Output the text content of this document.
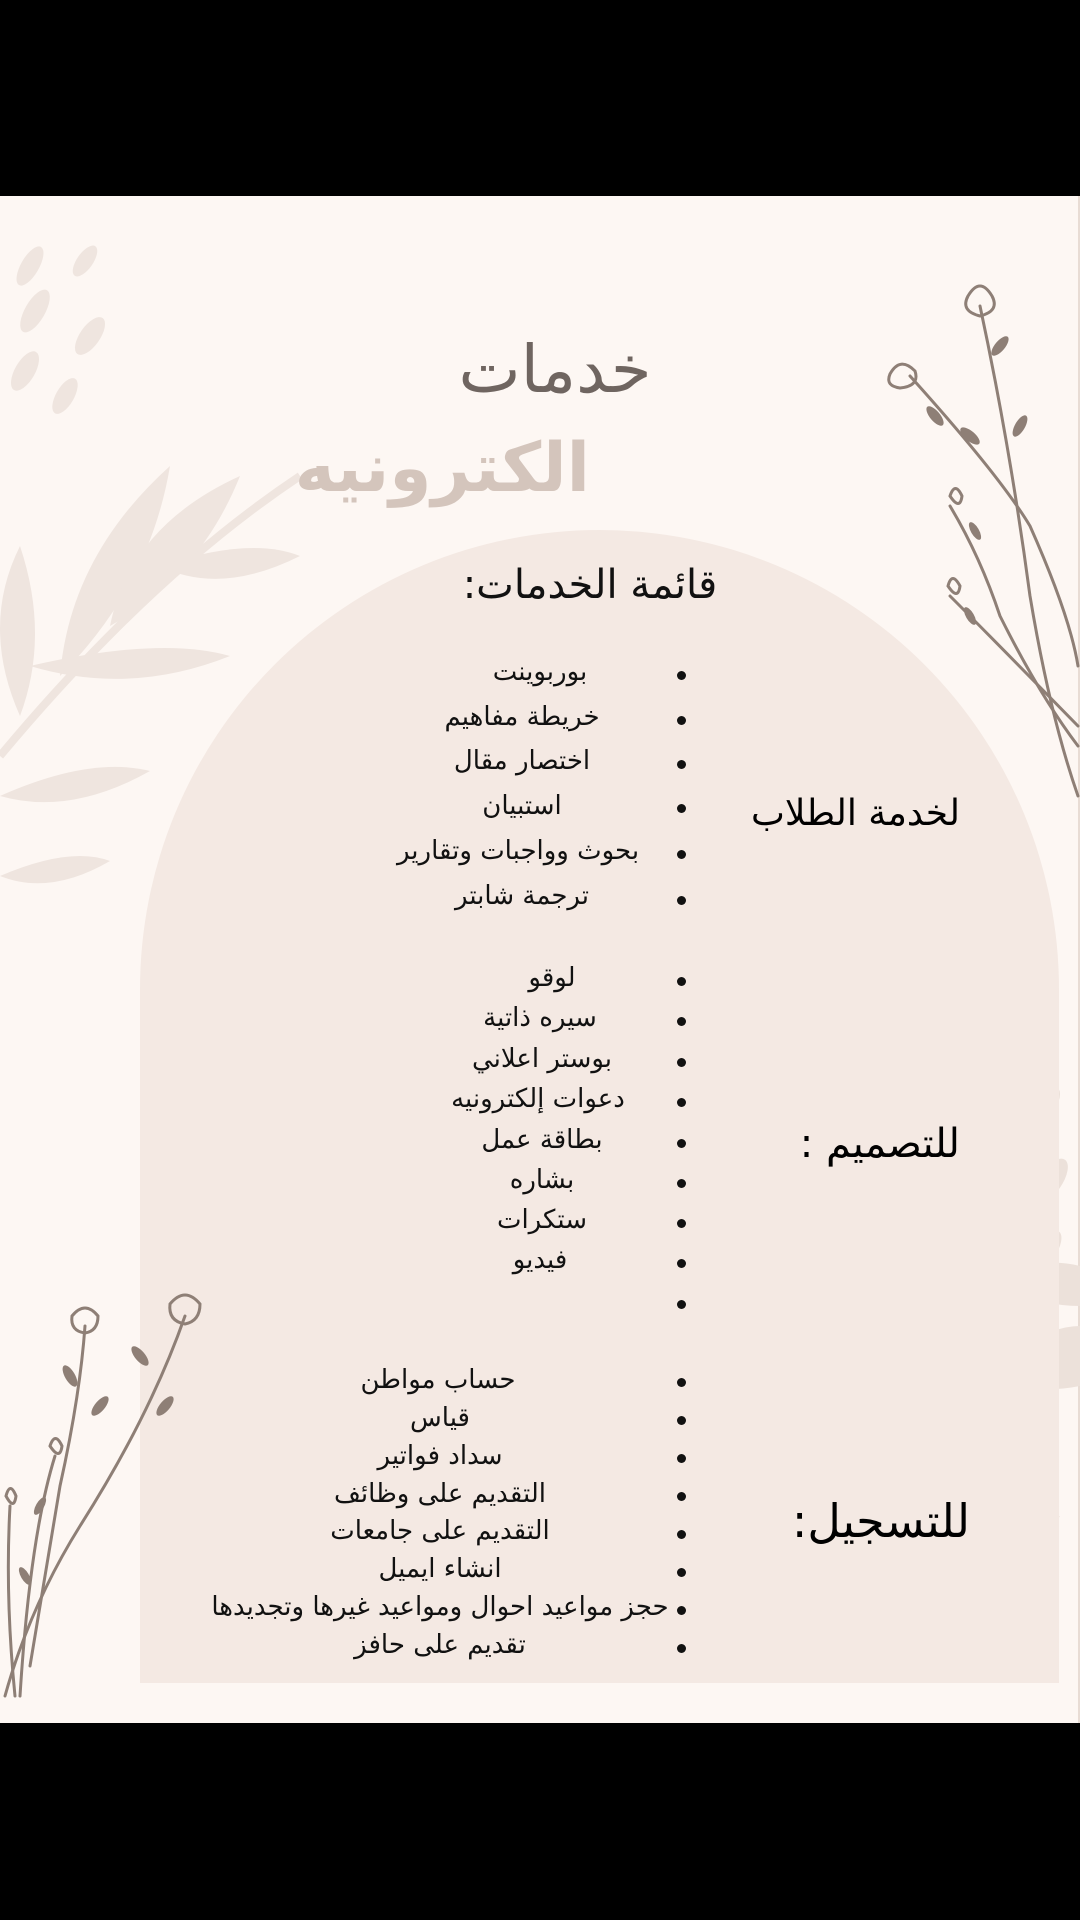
خدمات
الكترونيه
قائمة الخدمات:
لخدمة الطلاب
للتصميم :
للتسجيل:
بوربوينت
خريطة مفاهيم
اختصار مقال
استبيان
بحوث وواجبات وتقارير
ترجمة شابتر
لوقو
سيره ذاتية
بوستر اعلاني
دعوات إلكترونيه
بطاقة عمل
بشاره
ستكرات
فيديو
حساب مواطن
قياس
سداد فواتير
التقديم على وظائف
التقديم على جامعات
انشاء ايميل
حجز مواعيد احوال ومواعيد غيرها وتجديدها
تقديم على حافز
